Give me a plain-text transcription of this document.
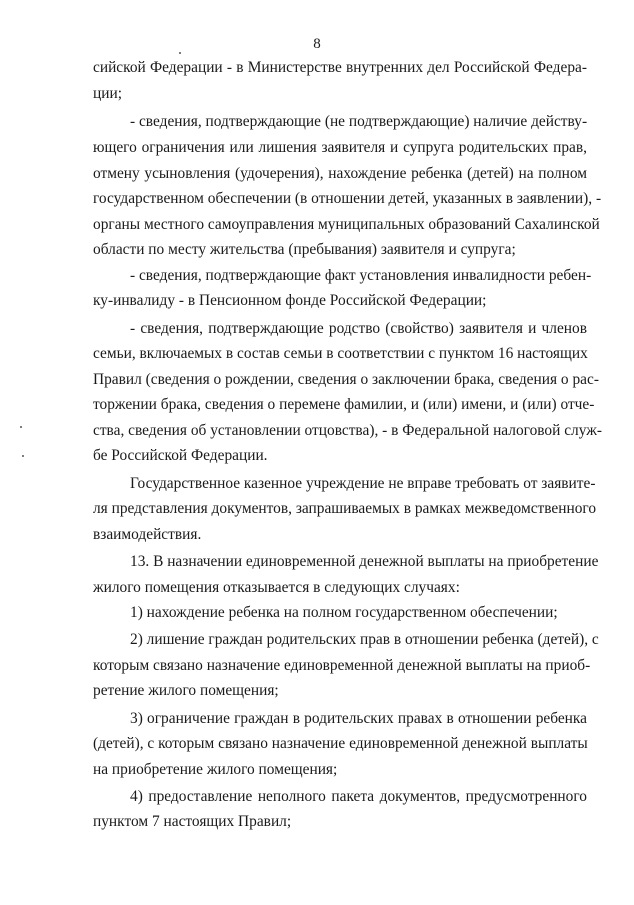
8
сийской Федерации - в Министерстве внутренних дел Российской Федера-
ции;
- сведения, подтверждающие (не подтверждающие) наличие действу-
ющего ограничения или лишения заявителя и супруга родительских прав,
отмену усыновления (удочерения), нахождение ребенка (детей) на полном
государственном обеспечении (в отношении детей, указанных в заявлении), -
органы местного самоуправления муниципальных образований Сахалинской
области по месту жительства (пребывания) заявителя и супруга;
- сведения, подтверждающие факт установления инвалидности ребен-
ку-инвалиду - в Пенсионном фонде Российской Федерации;
- сведения, подтверждающие родство (свойство) заявителя и членов
семьи, включаемых в состав семьи в соответствии с пунктом 16 настоящих
Правил (сведения о рождении, сведения о заключении брака, сведения о рас-
торжении брака, сведения о перемене фамилии, и (или) имени, и (или) отче-
ства, сведения об установлении отцовства), - в Федеральной налоговой служ-
бе Российской Федерации.
Государственное казенное учреждение не вправе требовать от заявите-
ля представления документов, запрашиваемых в рамках межведомственного
взаимодействия.
13. В назначении единовременной денежной выплаты на приобретение
жилого помещения отказывается в следующих случаях:
1) нахождение ребенка на полном государственном обеспечении;
2) лишение граждан родительских прав в отношении ребенка (детей), с
которым связано назначение единовременной денежной выплаты на приоб-
ретение жилого помещения;
3) ограничение граждан в родительских правах в отношении ребенка
(детей), с которым связано назначение единовременной денежной выплаты
на приобретение жилого помещения;
4) предоставление неполного пакета документов, предусмотренного
пунктом 7 настоящих Правил;
